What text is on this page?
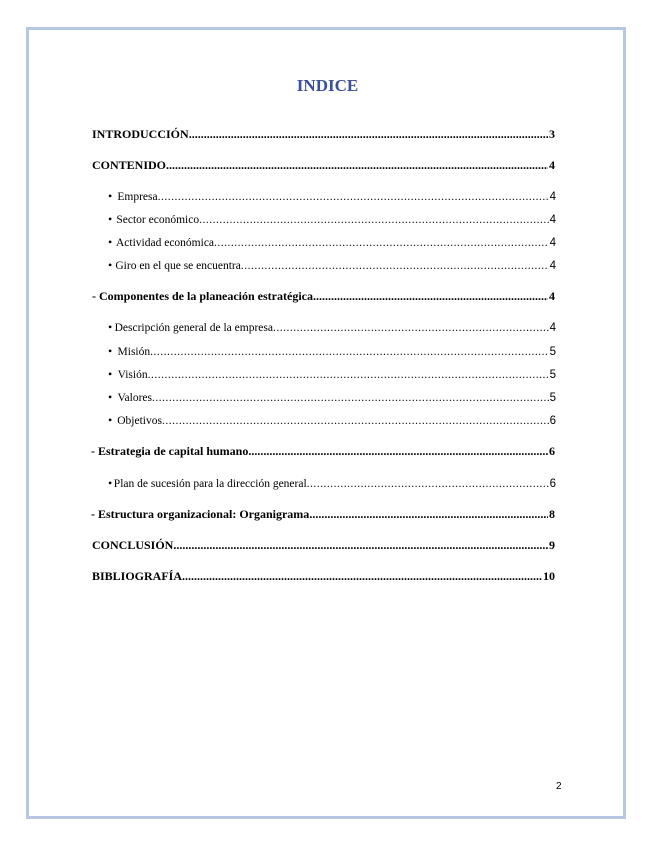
INDICE
INTRODUCCIÓN .....	3
CONTENIDO .....	4
• Empresa .....	4
• Sector económico .....	4
• Actividad económica .....	4
• Giro en el que se encuentra .....	4
- Componentes de la planeación estratégica .....	4
• Descripción general de la empresa .....	4
• Misión .....	5
• Visión .....	5
• Valores .....	5
• Objetivos .....	6
- Estrategia de capital humano .....	6
• Plan de sucesión para la dirección general .....	6
- Estructura organizacional: Organigrama .....	8
CONCLUSIÓN .....	9
BIBLIOGRAFÍA .....	10
2
